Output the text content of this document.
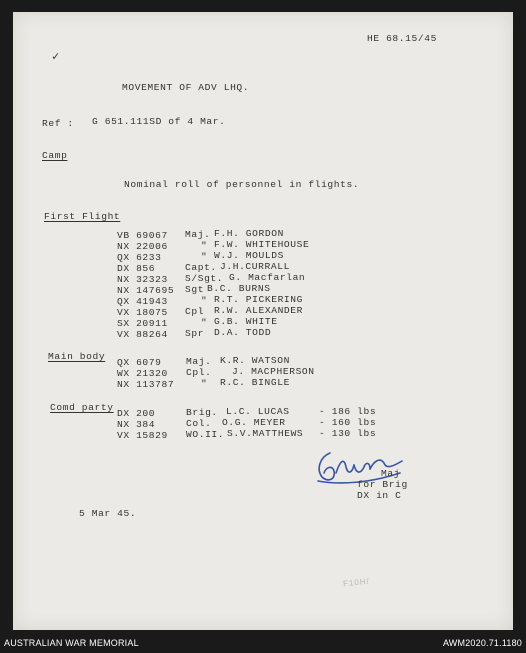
HE 68.15/45
✓
MOVEMENT OF ADV LHQ.
Ref : G 651.111SD of 4 Mar.
Camp
Nominal roll of personnel in flights.
First Flight
VB 69067 Maj. F.H. GORDON
NX 22006	" F.W. WHITEHOUSE
QX 6233	" W.J. MOULDS
DX 856	Capt. J.H.CURRALL
NX 32323 S/Sgt. G. Macfarlan
NX 147695 Sgt B.C. BURNS
QX 41943	" R.T. PICKERING
VX 18075 Cpl R.W. ALEXANDER
SX 20911	" G.B. WHITE
VX 88264 Spr D.A. TODD
Main body
QX 6079	Maj. K.R. WATSON
WX 21320 Cpl. J. MACPHERSON
NX 113787	" R.C. BINGLE
Comd party
DX 200	Brig. L.C. LUCAS	- 186 lbs
NX 384	Col. O.G. MEYER	- 160 lbs
VX 15829 WO.II. S.V.MATTHEWS - 130 lbs
Maj
for Brig
DX in C
5 Mar 45.
F10H/
AUSTRALIAN WAR MEMORIAL	AWM2020.71.1180
